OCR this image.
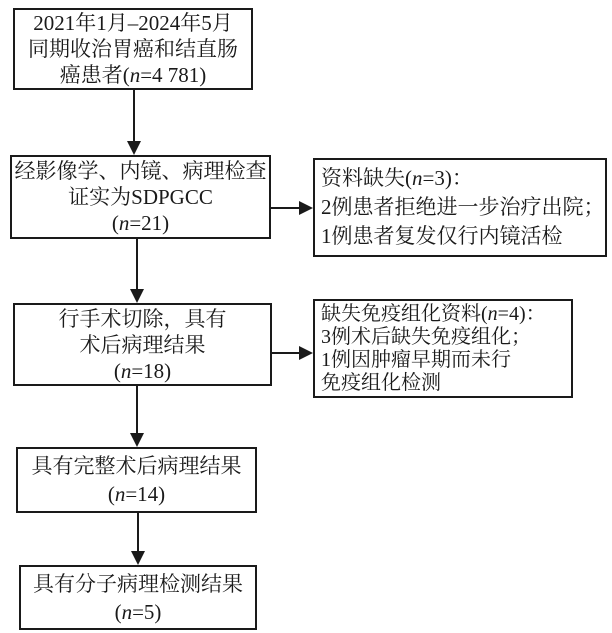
2021年1月–2024年5月
同期收治胃癌和结直肠
癌患者(n=4 781)
经影像学、内镜、病理检查
证实为SDPGCC
(n=21)
行手术切除，具有
术后病理结果
(n=18)
具有完整术后病理结果
(n=14)
具有分子病理检测结果
(n=5)
资料缺失(n=3)：
2例患者拒绝进一步治疗出院；
1例患者复发仅行内镜活检
缺失免疫组化资料(n=4)：
3例术后缺失免疫组化；
1例因肿瘤早期而未行
免疫组化检测
